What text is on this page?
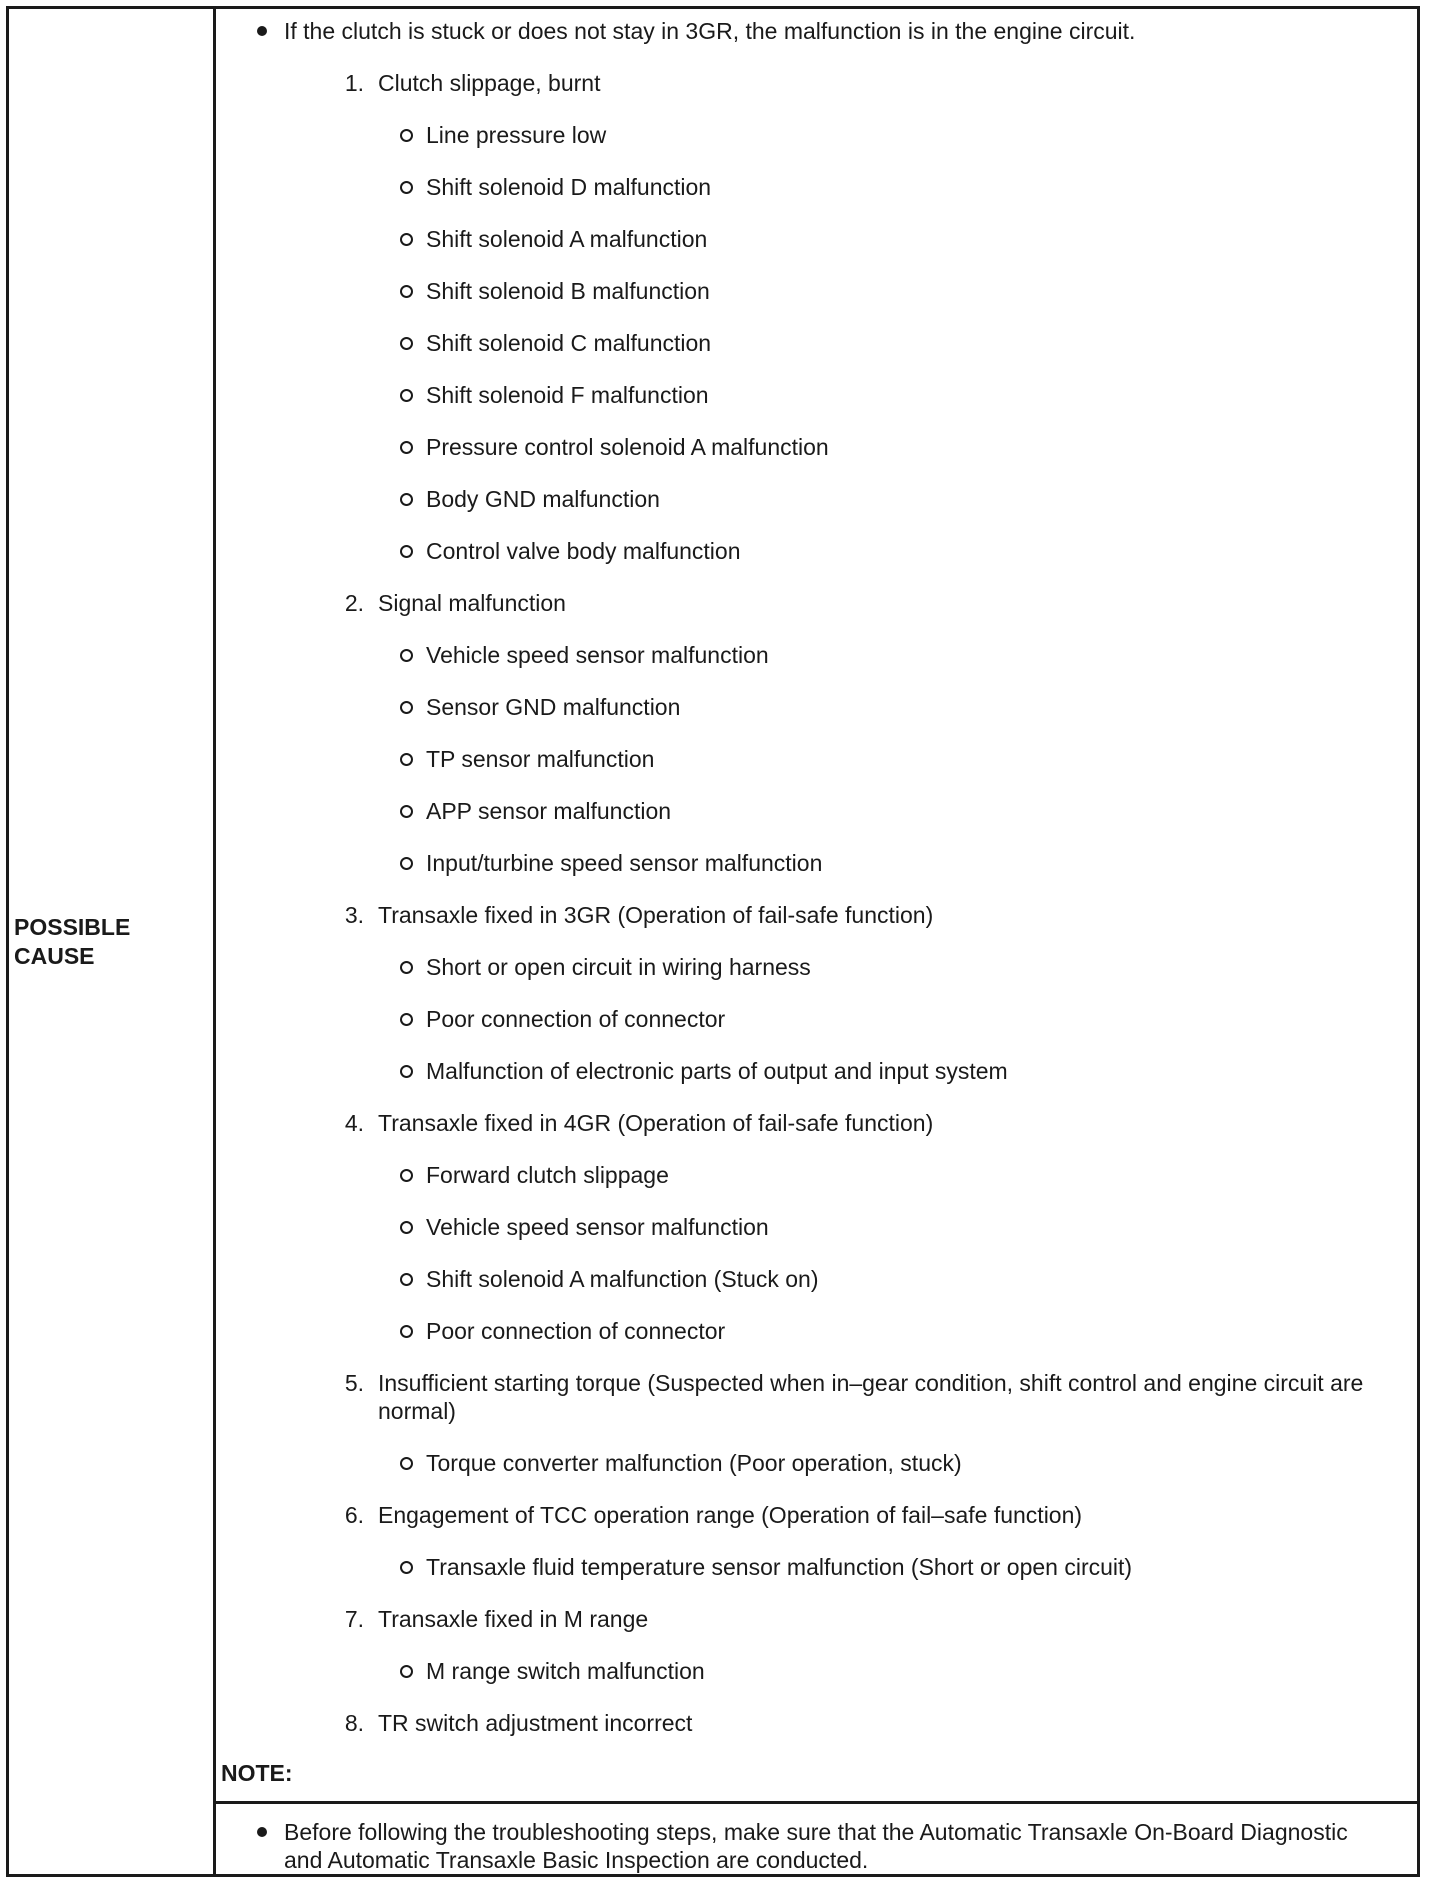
POSSIBLE CAUSE	
If the clutch is stuck or does not stay in 3GR, the malfunction is in the engine circuit.
1. Clutch slippage, burnt
Line pressure low
Shift solenoid D malfunction
Shift solenoid A malfunction
Shift solenoid B malfunction
Shift solenoid C malfunction
Shift solenoid F malfunction
Pressure control solenoid A malfunction
Body GND malfunction
Control valve body malfunction
2. Signal malfunction
Vehicle speed sensor malfunction
Sensor GND malfunction
TP sensor malfunction
APP sensor malfunction
Input/turbine speed sensor malfunction
3. Transaxle fixed in 3GR (Operation of fail-safe function)
Short or open circuit in wiring harness
Poor connection of connector
Malfunction of electronic parts of output and input system
4. Transaxle fixed in 4GR (Operation of fail-safe function)
Forward clutch slippage
Vehicle speed sensor malfunction
Shift solenoid A malfunction (Stuck on)
Poor connection of connector
5. Insufficient starting torque (Suspected when in–gear condition, shift control and engine circuit are normal)
Torque converter malfunction (Poor operation, stuck)
6. Engagement of TCC operation range (Operation of fail–safe function)
Transaxle fluid temperature sensor malfunction (Short or open circuit)
7. Transaxle fixed in M range
M range switch malfunction
8. TR switch adjustment incorrect
NOTE:
Before following the troubleshooting steps, make sure that the Automatic Transaxle On-Board Diagnostic and Automatic Transaxle Basic Inspection are conducted.
